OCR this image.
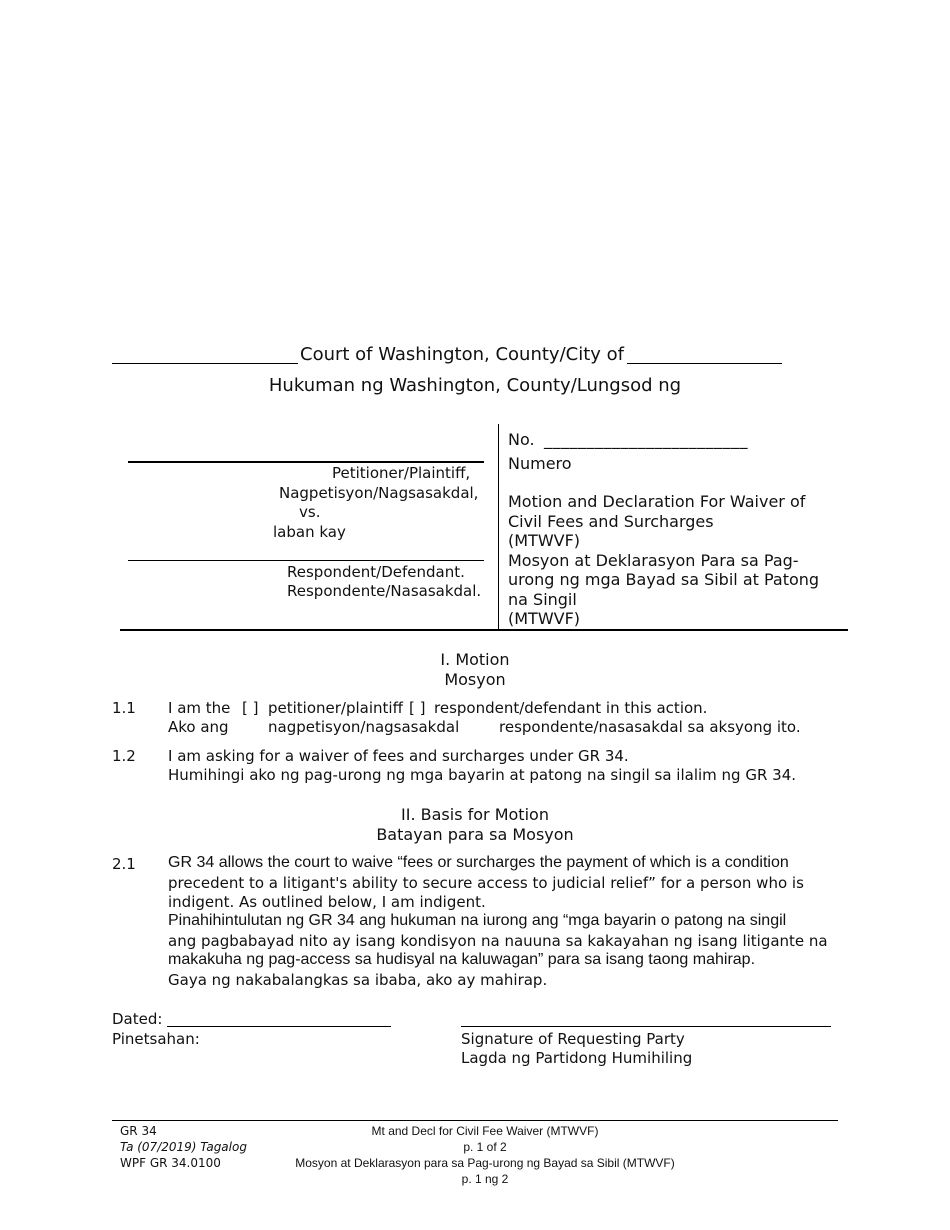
Court of Washington, County/City of
Hukuman ng Washington, County/Lungsod ng
Petitioner/Plaintiff,
Nagpetisyon/Nagsasakdal,
vs.
laban kay
Respondent/Defendant.
Respondente/Nasasakdal.
No. ________________________
Numero
Motion and Declaration For Waiver of
Civil Fees and Surcharges
(MTWVF)
Mosyon at Deklarasyon Para sa Pag-
urong ng mga Bayad sa Sibil at Patong
na Singil
(MTWVF)
I. Motion
Mosyon
1.1 I am the [ ] petitioner/plaintiff [ ] respondent/defendant in this action.
Ako ang	nagpetisyon/nagsasakdal	respondente/nasasakdal sa aksyong ito.
1.2 I am asking for a waiver of fees and surcharges under GR 34.
Humihingi ako ng pag-urong ng mga bayarin at patong na singil sa ilalim ng GR 34.
II. Basis for Motion
Batayan para sa Mosyon
2.1 GR 34 allows the court to waive “fees or surcharges the payment of which is a condition
precedent to a litigant's ability to secure access to judicial relief” for a person who is
indigent. As outlined below, I am indigent.
Pinahihintulutan ng GR 34 ang hukuman na iurong ang “mga bayarin o patong na singil
ang pagbabayad nito ay isang kondisyon na nauuna sa kakayahan ng isang litigante na
makakuha ng pag-access sa hudisyal na kaluwagan” para sa isang taong mahirap.
Gaya ng nakabalangkas sa ibaba, ako ay mahirap.
Dated:
Pinetsahan:	Signature of Requesting Party
Lagda ng Partidong Humihiling
GR 34
Ta (07/2019) Tagalog
WPF GR 34.0100
Mt and Decl for Civil Fee Waiver (MTWVF)
p. 1 of 2
Mosyon at Deklarasyon para sa Pag-urong ng Bayad sa Sibil (MTWVF)
p. 1 ng 2
